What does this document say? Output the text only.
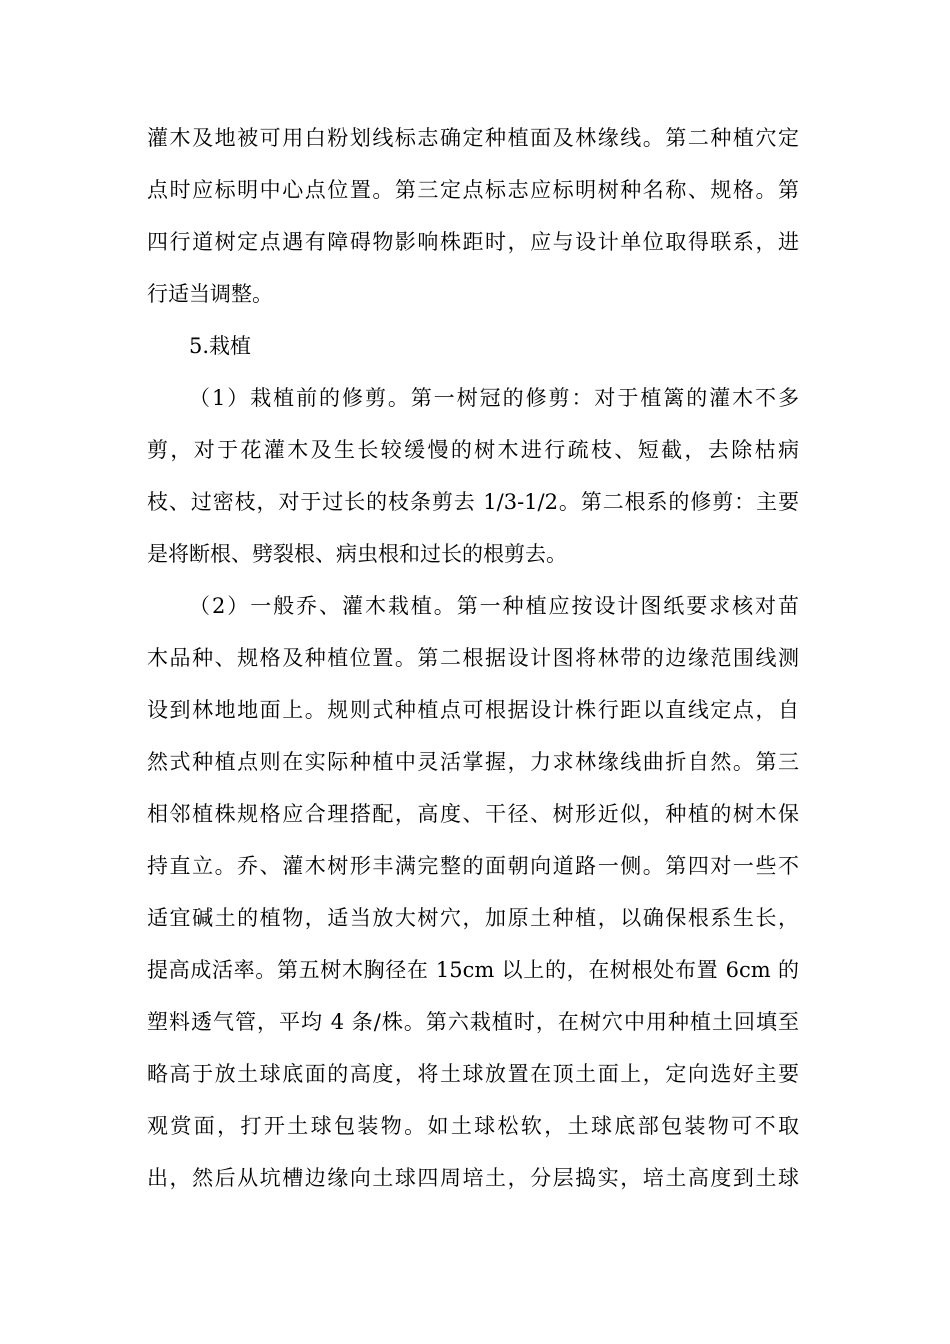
灌木及地被可用白粉划线标志确定种植面及林缘线。第二种植穴定
点时应标明中心点位置。第三定点标志应标明树种名称、规格。第
四行道树定点遇有障碍物影响株距时，应与设计单位取得联系，进
行适当调整。

5.栽植

（1）栽植前的修剪。第一树冠的修剪：对于植篱的灌木不多
剪，对于花灌木及生长较缓慢的树木进行疏枝、短截，去除枯病
枝、过密枝，对于过长的枝条剪去 1/3-1/2。第二根系的修剪：主要
是将断根、劈裂根、病虫根和过长的根剪去。

（2）一般乔、灌木栽植。第一种植应按设计图纸要求核对苗
木品种、规格及种植位置。第二根据设计图将林带的边缘范围线测
设到林地地面上。规则式种植点可根据设计株行距以直线定点，自
然式种植点则在实际种植中灵活掌握，力求林缘线曲折自然。第三
相邻植株规格应合理搭配，高度、干径、树形近似，种植的树木保
持直立。乔、灌木树形丰满完整的面朝向道路一侧。第四对一些不
适宜碱土的植物，适当放大树穴，加原土种植，以确保根系生长，
提高成活率。第五树木胸径在 15cm 以上的，在树根处布置 6cm 的
塑料透气管，平均 4 条/株。第六栽植时，在树穴中用种植土回填至
略高于放土球底面的高度，将土球放置在顶土面上，定向选好主要
观赏面，打开土球包装物。如土球松软，土球底部包装物可不取
出，然后从坑槽边缘向土球四周培土，分层捣实，培土高度到土球
